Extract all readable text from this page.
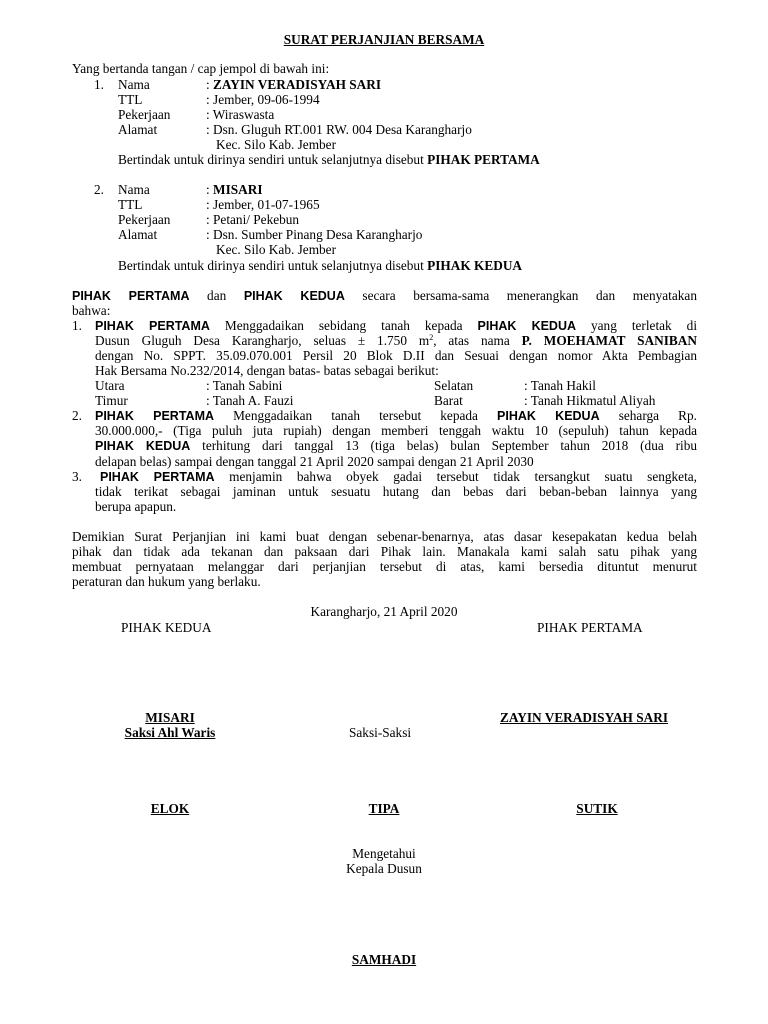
SURAT PERJANJIAN BERSAMA
Yang bertanda tangan / cap jempol di bawah ini:
1. Nama	: ZAYIN VERADISYAH SARI
TTL	: Jember, 09-06-1994
Pekerjaan	: Wiraswasta
Alamat	: Dsn. Gluguh RT.001 RW. 004 Desa Karangharjo
Kec. Silo Kab. Jember
Bertindak untuk dirinya sendiri untuk selanjutnya disebut PIHAK PERTAMA
2. Nama	: MISARI
TTL	: Jember, 01-07-1965
Pekerjaan	: Petani/ Pekebun
Alamat	: Dsn. Sumber Pinang Desa Karangharjo
Kec. Silo Kab. Jember
Bertindak untuk dirinya sendiri untuk selanjutnya disebut PIHAK KEDUA
PIHAK PERTAMA dan PIHAK KEDUA secara bersama-sama menerangkan dan menyatakan
bahwa:
1. PIHAK PERTAMA Menggadaikan sebidang tanah kepada PIHAK KEDUA yang terletak di
Dusun Gluguh Desa Karangharjo, seluas ± 1.750 $m^2$, atas nama P. MOEHAMAT SANIBAN
dengan No. SPPT. 35.09.070.001 Persil 20 Blok D.II dan Sesuai dengan nomor Akta Pembagian
Hak Bersama No.232/2014, dengan batas- batas sebagai berikut:
Utara	: Tanah Sabini	Selatan	: Tanah Hakil
Timur	: Tanah A. Fauzi	Barat	: Tanah Hikmatul Aliyah
2. PIHAK PERTAMA Menggadaikan tanah tersebut kepada PIHAK KEDUA seharga Rp.
30.000.000,- (Tiga puluh juta rupiah) dengan memberi tenggah waktu 10 (sepuluh) tahun kepada
PIHAK KEDUA terhitung dari tanggal 13 (tiga belas) bulan September tahun 2018 (dua ribu
delapan belas) sampai dengan tanggal 21 April 2020 sampai dengan 21 April 2030
3. PIHAK PERTAMA menjamin bahwa obyek gadai tersebut tidak tersangkut suatu sengketa,
tidak terikat sebagai jaminan untuk sesuatu hutang dan bebas dari beban-beban lainnya yang
berupa apapun.
Demikian Surat Perjanjian ini kami buat dengan sebenar-benarnya, atas dasar kesepakatan kedua belah
pihak dan tidak ada tekanan dan paksaan dari Pihak lain. Manakala kami salah satu pihak yang
membuat pernyataan melanggar dari perjanjian tersebut di atas, kami bersedia dituntut menurut
peraturan dan hukum yang berlaku.
Karangharjo, 21 April 2020
PIHAK KEDUA	PIHAK PERTAMA
MISARI	ZAYIN VERADISYAH SARI
Saksi Ahl Waris	Saksi-Saksi
ELOK	TIPA	SUTIK
Mengetahui
Kepala Dusun
SAMHADI
